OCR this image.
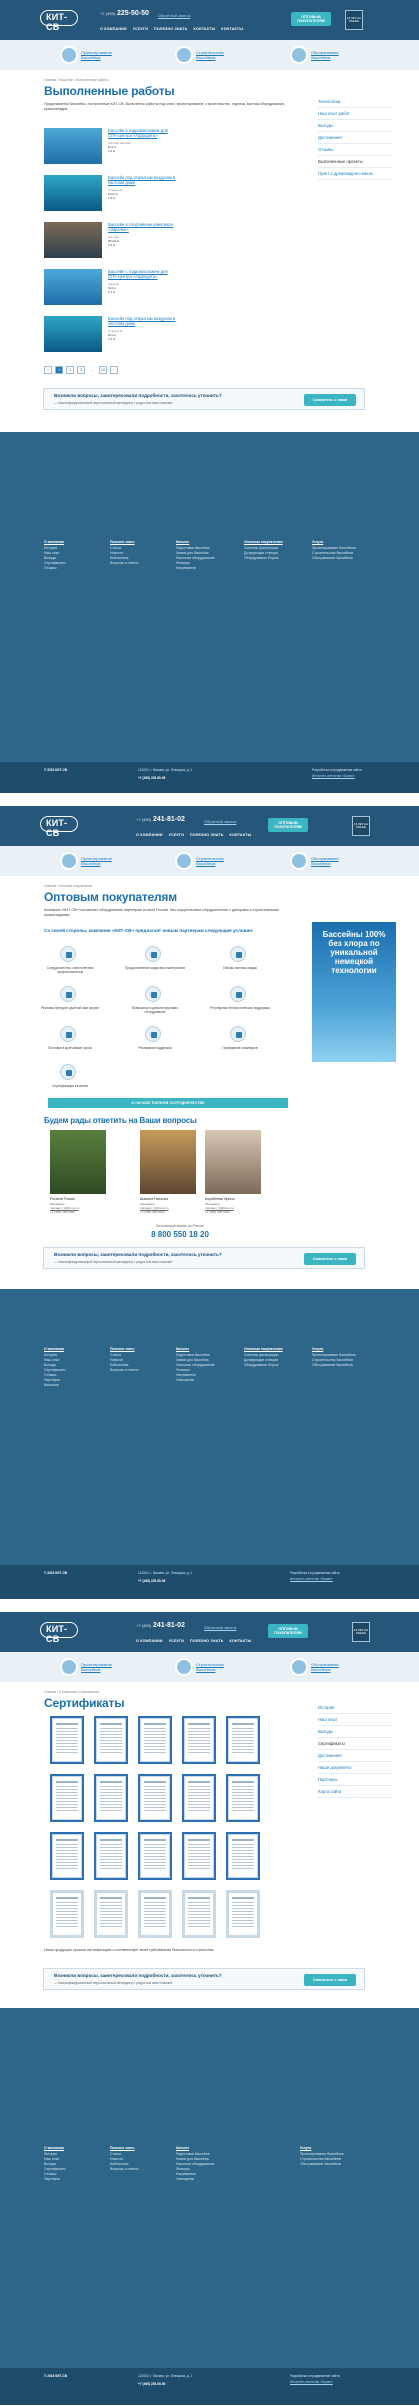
КИТ-СВ
+7 (495) 225-50-50 Обратный звонок
О КОМПАНИИ УСЛУГИ ПОЛЕЗНО ЗНАТЬ КОНТАКТЫ КОНТАКТЫ
ОПТОВЫМ ПОКУПАТЕЛЯМ
15 ЛЕТ НА РЫНКЕ
Проектирование бассейнов
Строительство бассейнов
Обслуживание бассейнов
Главная / Наш опыт / Выполненные работы
Выполненные работы
Представлены бассейны, построенные КИТ-СВ. Выполнены работы под ключ: проектирование, строительство, отделка, монтаж оборудования, пусконаладка.
Бассейн в гидромассажем для СПА-центра «Афродита»
Крытый бассейн
8х4 м
1,6 м
Бассейн под открытым воздухом в частном доме
Открытый
10х5 м
1,5 м
Бассейн в спортивном комплексе «Заречье»
Крытый
25х10 м
1,8 м
Бассейн с гидромассажем для СПА-центра «Афродита»
Крытый
6х3 м
1,4 м
Бассейн под открытым воздухом в частном доме
Открытый
9х4 м
1,5 м
Технологии
Наш опыт работ
Выгоды
Достижения
Отзывы
Выполненные проекты
Пункт 1 древовидного меню
‹	1	2	3	…	10	›
Возникли вопросы, заинтересовали подробности, захотелось уточнить?
— Квалифицированный персональный менеджер с радостью вам поможет
Свяжитесь с нами
О компании
История
Наш опыт
Выгоды
Сертификаты
Отзывы
Полезно знать
Статьи
Новости
Библиотека
Вопросы и ответы
Каталог
Подготовка бассейна
Химия для бассейна
Насосное оборудование
Фильтры
Нагреватели
Оптовым покупателям
Системы фильтрации
Дозирующие станции
Оборудование Kripsol
Услуги
Проектирование бассейнов
Строительство бассейнов
Обслуживание бассейнов
© 2015 КИТ-СВ	121002, г. Москва, ул. Плющиха, д. 1
+7 (495) 225-50-50
Разработка и продвижение сайта
Интернет-агентство «Браво»
КИТ-СВ
+7 (495) 241-81-02	Обратный звонок
О КОМПАНИИ УСЛУГИ ПОЛЕЗНО ЗНАТЬ КОНТАКТЫ
ОПТОВЫМ ПОКУПАТЕЛЯМ
15 ЛЕТ НА РЫНКЕ
Проектирование бассейнов
Строительство бассейнов
Обслуживание бассейнов
Главная / Оптовым покупателям
Оптовым покупателям
Компания «КИТ-СВ» поставляет оборудование партнерам из всей России. Мы осуществляем сотрудничество с дилерами и строительными организациями.
Со своей стороны, компания «КИТ-СВ» предлагает новым партнерам следующие условия:
Сотрудничество с многолетним профессионалом
Предоставление скидочных материалов	Гибкая система скидок
Реклама бренда в удобной вам форме	Возможность демонстрировать оборудование
Регулярная технологическая поддержка
Поставки в кратчайшие сроки	Рекламная поддержка	Проведение семинаров
Сертификация качества
О НАЧАЛЕ ПОЛНОМ СОТРУДНИЧЕСТВЕ
Бассейны 100% без хлора по уникальной немецкой технологии
Будем рады ответить на Ваши вопросы
Рогачев Роман
Менеджер
manager_1@kit-sv.ru
+7 (495) 225-5050
Шанина Наталья
Менеджер
manager_2@kit-sv.ru
+7 (495) 225-5050
Кораблева Ирина
Менеджер
manager_3@kit-sv.ru
+7 (495) 225-5050
Бесплатный звонок по России
8 800 550 18 20
Возникли вопросы, заинтересовали подробности, захотелось уточнить?
— Квалифицированный персональный менеджер с радостью вам поможет
Свяжитесь с нами
О компании
История
Наш опыт
Выгоды
Сертификаты
Отзывы
Партнеры
Вакансии
Полезно знать
Статьи
Новости
Библиотека
Вопросы и ответы
Каталог
Подготовка бассейна
Химия для бассейна
Насосное оборудование
Фильтры
Нагреватели
Освещение
Оптовым покупателям
Системы фильтрации
Дозирующие станции
Оборудование Kripsol
Услуги
Проектирование бассейнов
Строительство бассейнов
Обслуживание бассейнов
© 2015 КИТ-СВ	121002, г. Москва, ул. Плющиха, д. 1
+7 (495) 225-50-50
Разработка и продвижение сайта
Интернет-агентство «Браво»
КИТ-СВ
+7 (495) 241-81-02	Обратный звонок
О КОМПАНИИ УСЛУГИ ПОЛЕЗНО ЗНАТЬ КОНТАКТЫ
ОПТОВЫМ ПОКУПАТЕЛЯМ
15 ЛЕТ НА РЫНКЕ
Проектирование бассейнов
Строительство бассейнов
Обслуживание бассейнов
Главная / О компании / Сертификаты
Сертификаты	История
Наш опыт
Выгоды
Сертификаты
Достижения
Наши документы
Партнеры
Карта сайта
Наша продукция прошла сертификацию и соответствует всем требованиям безопасности и качества.
Возникли вопросы, заинтересовали подробности, захотелось уточнить?
— Квалифицированный персональный менеджер с радостью вам поможет
Свяжитесь с нами
О компании
История
Наш опыт
Выгоды
Сертификаты
Отзывы
Партнеры
Полезно знать
Статьи
Новости
Библиотека
Вопросы и ответы
Каталог
Подготовка бассейна
Химия для бассейна
Насосное оборудование
Фильтры
Нагреватели
Освещение
Услуги
Проектирование бассейнов
Строительство бассейнов
Обслуживание бассейнов
© 2015 КИТ-СВ	121002, г. Москва, ул. Плющиха, д. 1
+7 (495) 225-50-50
Разработка и продвижение сайта
Интернет-агентство «Браво»
